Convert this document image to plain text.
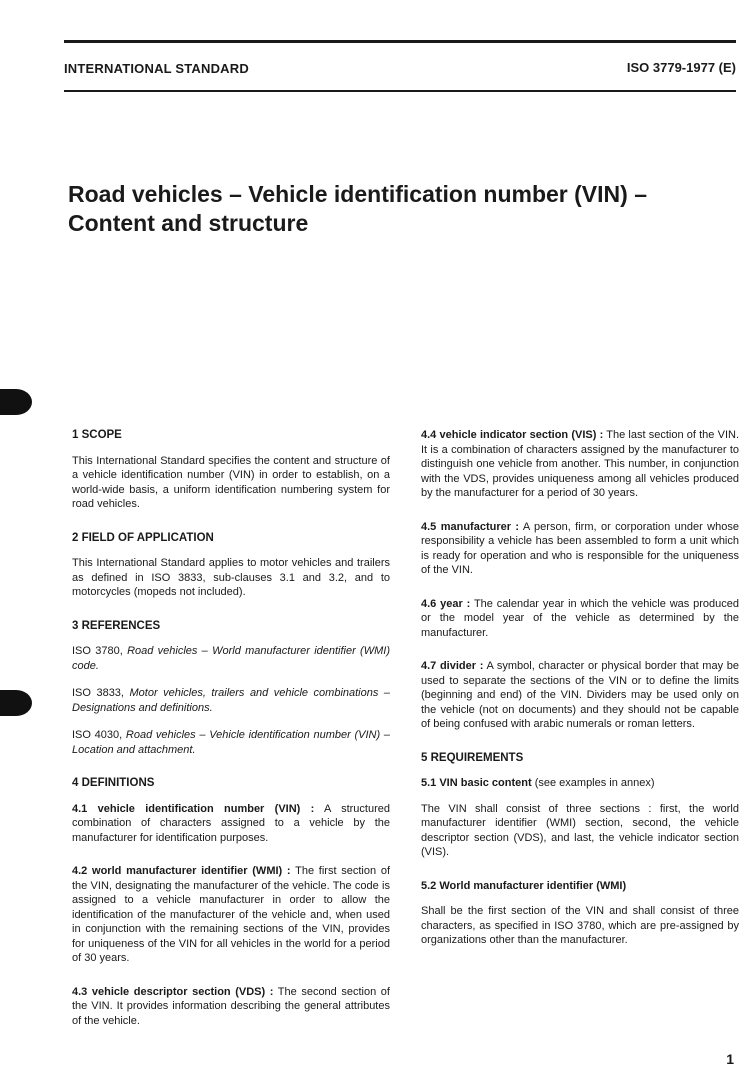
INTERNATIONAL STANDARD	ISO 3779-1977 (E)
Road vehicles – Vehicle identification number (VIN) –
Content and structure
1 SCOPE
This International Standard specifies the content and structure of a vehicle identification number (VIN) in order to establish, on a world-wide basis, a uniform identification numbering system for road vehicles.
2 FIELD OF APPLICATION
This International Standard applies to motor vehicles and trailers as defined in ISO 3833, sub-clauses 3.1 and 3.2, and to motorcycles (mopeds not included).
3 REFERENCES
ISO 3780, Road vehicles – World manufacturer identifier (WMI) code.
ISO 3833, Motor vehicles, trailers and vehicle combinations – Designations and definitions.
ISO 4030, Road vehicles – Vehicle identification number (VIN) – Location and attachment.
4 DEFINITIONS
4.1 vehicle identification number (VIN) : A structured combination of characters assigned to a vehicle by the manufacturer for identification purposes.
4.2 world manufacturer identifier (WMI) : The first section of the VIN, designating the manufacturer of the vehicle. The code is assigned to a vehicle manufacturer in order to allow the identification of the manufacturer of the vehicle and, when used in conjunction with the remaining sections of the VIN, provides for uniqueness of the VIN for all vehicles in the world for a period of 30 years.
4.3 vehicle descriptor section (VDS) : The second section of the VIN. It provides information describing the general attributes of the vehicle.
4.4 vehicle indicator section (VIS) : The last section of the VIN. It is a combination of characters assigned by the manufacturer to distinguish one vehicle from another. This number, in conjunction with the VDS, provides uniqueness among all vehicles produced by the manufacturer for a period of 30 years.
4.5 manufacturer : A person, firm, or corporation under whose responsibility a vehicle has been assembled to form a unit which is ready for operation and who is responsible for the uniqueness of the VIN.
4.6 year : The calendar year in which the vehicle was produced or the model year of the vehicle as determined by the manufacturer.
4.7 divider : A symbol, character or physical border that may be used to separate the sections of the VIN or to define the limits (beginning and end) of the VIN. Dividers may be used only on the vehicle (not on documents) and they should not be capable of being confused with arabic numerals or roman letters.
5 REQUIREMENTS
5.1 VIN basic content (see examples in annex)
The VIN shall consist of three sections : first, the world manufacturer identifier (WMI) section, second, the vehicle descriptor section (VDS), and last, the vehicle indicator section (VIS).
5.2 World manufacturer identifier (WMI)
Shall be the first section of the VIN and shall consist of three characters, as specified in ISO 3780, which are pre-assigned by organizations other than the manufacturer.
1
